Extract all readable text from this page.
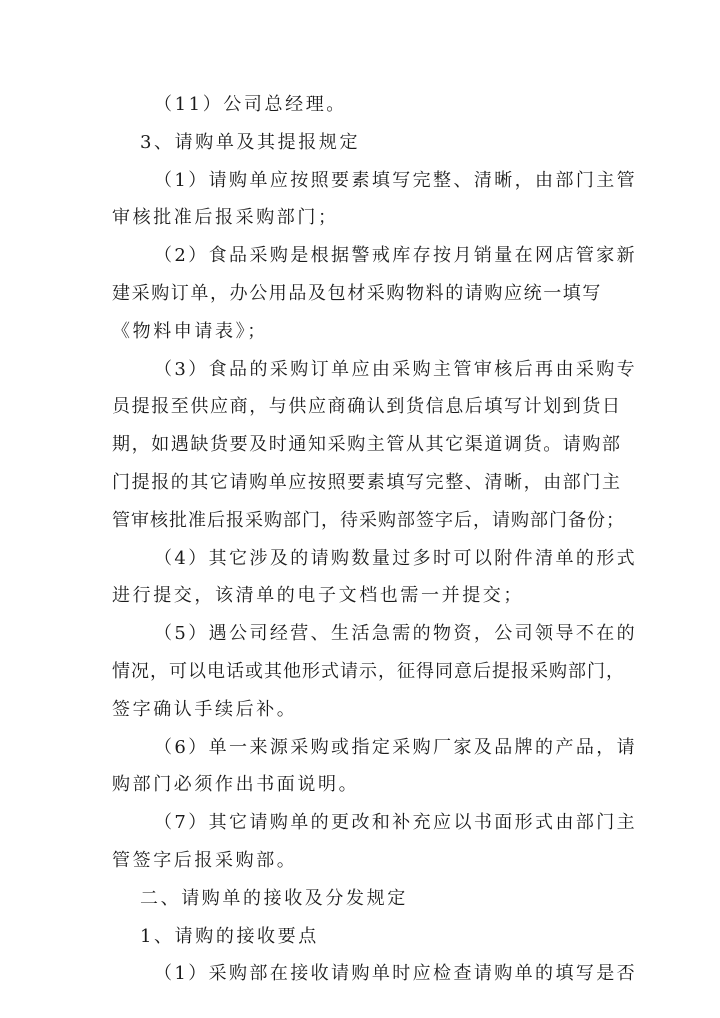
（11）公司总经理。
3、请购单及其提报规定
（1）请购单应按照要素填写完整、清晰，由部门主管
审核批准后报采购部门；
（2）食品采购是根据警戒库存按月销量在网店管家新
建采购订单，办公用品及包材采购物料的请购应统一填写
《物料申请表》；
（3）食品的采购订单应由采购主管审核后再由采购专
员提报至供应商，与供应商确认到货信息后填写计划到货日
期，如遇缺货要及时通知采购主管从其它渠道调货。请购部
门提报的其它请购单应按照要素填写完整、清晰，由部门主
管审核批准后报采购部门，待采购部签字后，请购部门备份；
（4）其它涉及的请购数量过多时可以附件清单的形式
进行提交，该清单的电子文档也需一并提交；
（5）遇公司经营、生活急需的物资，公司领导不在的
情况，可以电话或其他形式请示，征得同意后提报采购部门，
签字确认手续后补。
（6）单一来源采购或指定采购厂家及品牌的产品，请
购部门必须作出书面说明。
（7）其它请购单的更改和补充应以书面形式由部门主
管签字后报采购部。
二、请购单的接收及分发规定
1、请购的接收要点
（1）采购部在接收请购单时应检查请购单的填写是否
